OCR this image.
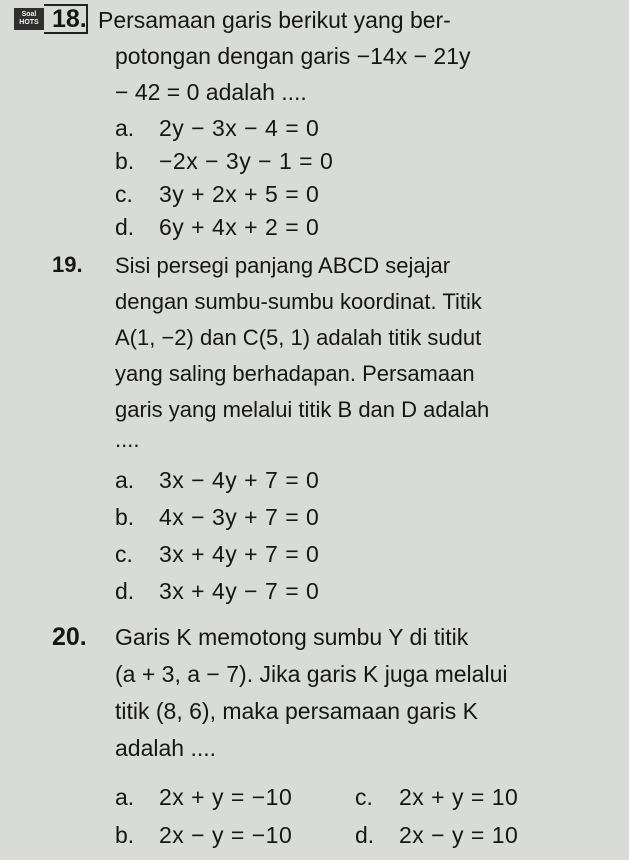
Soal
HOTS 18. Persamaan garis berikut yang ber-
potongan dengan garis −14x − 21y
− 42 = 0 adalah ....
a. 2y − 3x − 4 = 0
b. −2x − 3y − 1 = 0
c. 3y + 2x + 5 = 0
d. 6y + 4x + 2 = 0
19. Sisi persegi panjang ABCD sejajar
dengan sumbu-sumbu koordinat. Titik
A(1, −2) dan C(5, 1) adalah titik sudut
yang saling berhadapan. Persamaan
garis yang melalui titik B dan D adalah
....
a. 3x − 4y + 7 = 0
b. 4x − 3y + 7 = 0
c. 3x + 4y + 7 = 0
d. 3x + 4y − 7 = 0
20. Garis K memotong sumbu Y di titik
(a + 3, a − 7). Jika garis K juga melalui
titik (8, 6), maka persamaan garis K
adalah ....
a. 2x + y = −10	c. 2x + y = 10
b. 2x − y = −10	d. 2x − y = 10
